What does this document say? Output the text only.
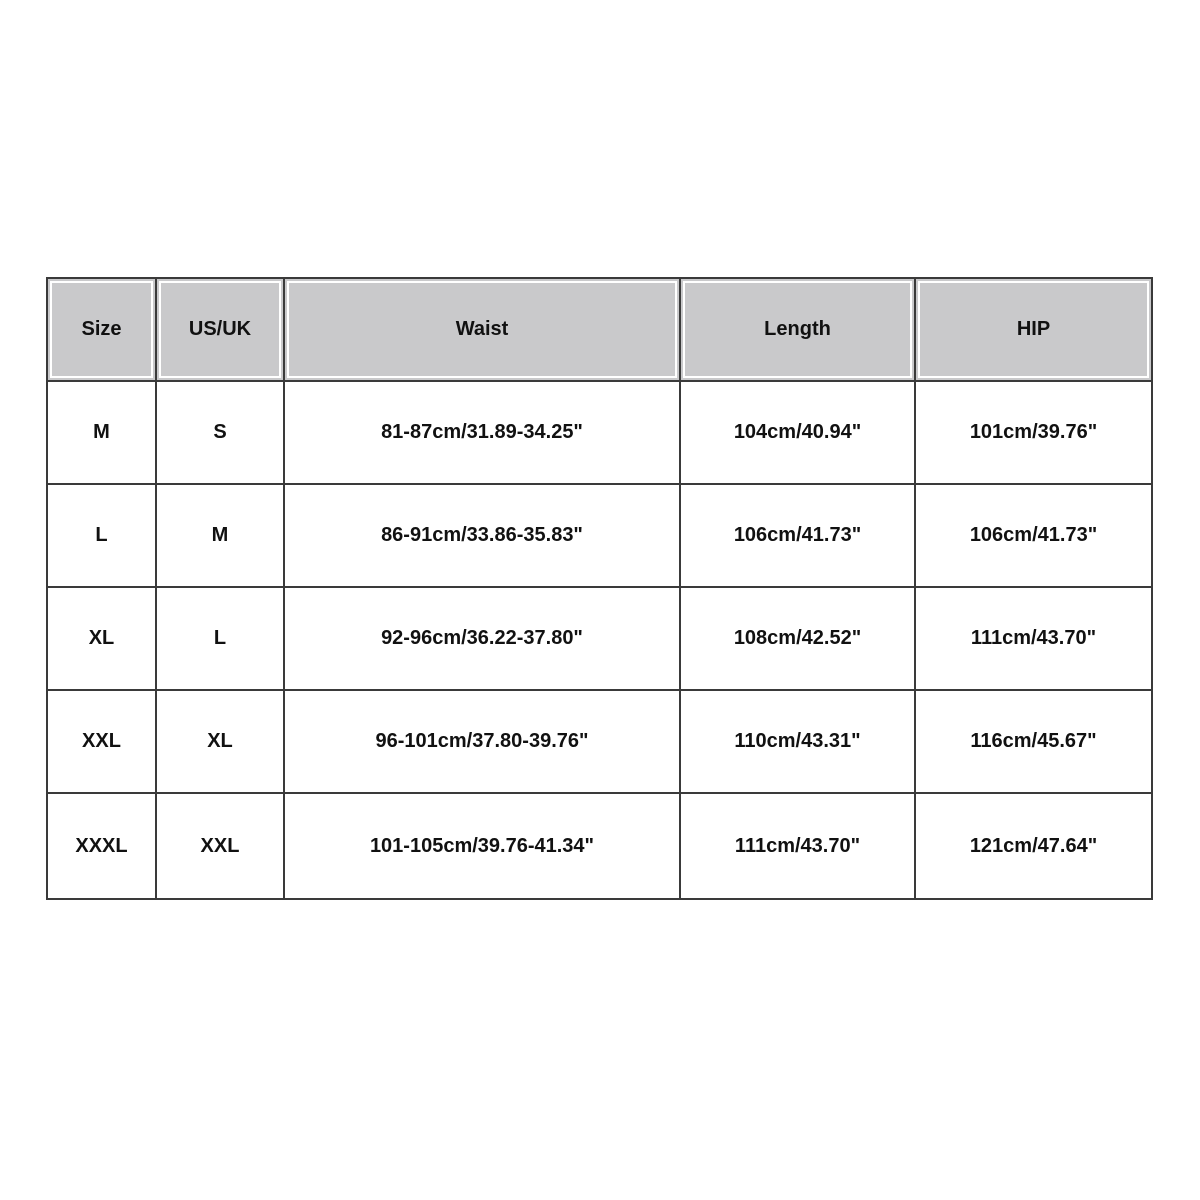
Size	US/UK	Waist	Length	HIP
M	S	81-87cm/31.89-34.25"	104cm/40.94"	101cm/39.76"
L	M	86-91cm/33.86-35.83"	106cm/41.73"	106cm/41.73"
XL	L	92-96cm/36.22-37.80"	108cm/42.52"	111cm/43.70"
XXL	XL	96-101cm/37.80-39.76"	110cm/43.31"	116cm/45.67"
XXXL	XXL	101-105cm/39.76-41.34"	111cm/43.70"	121cm/47.64"
